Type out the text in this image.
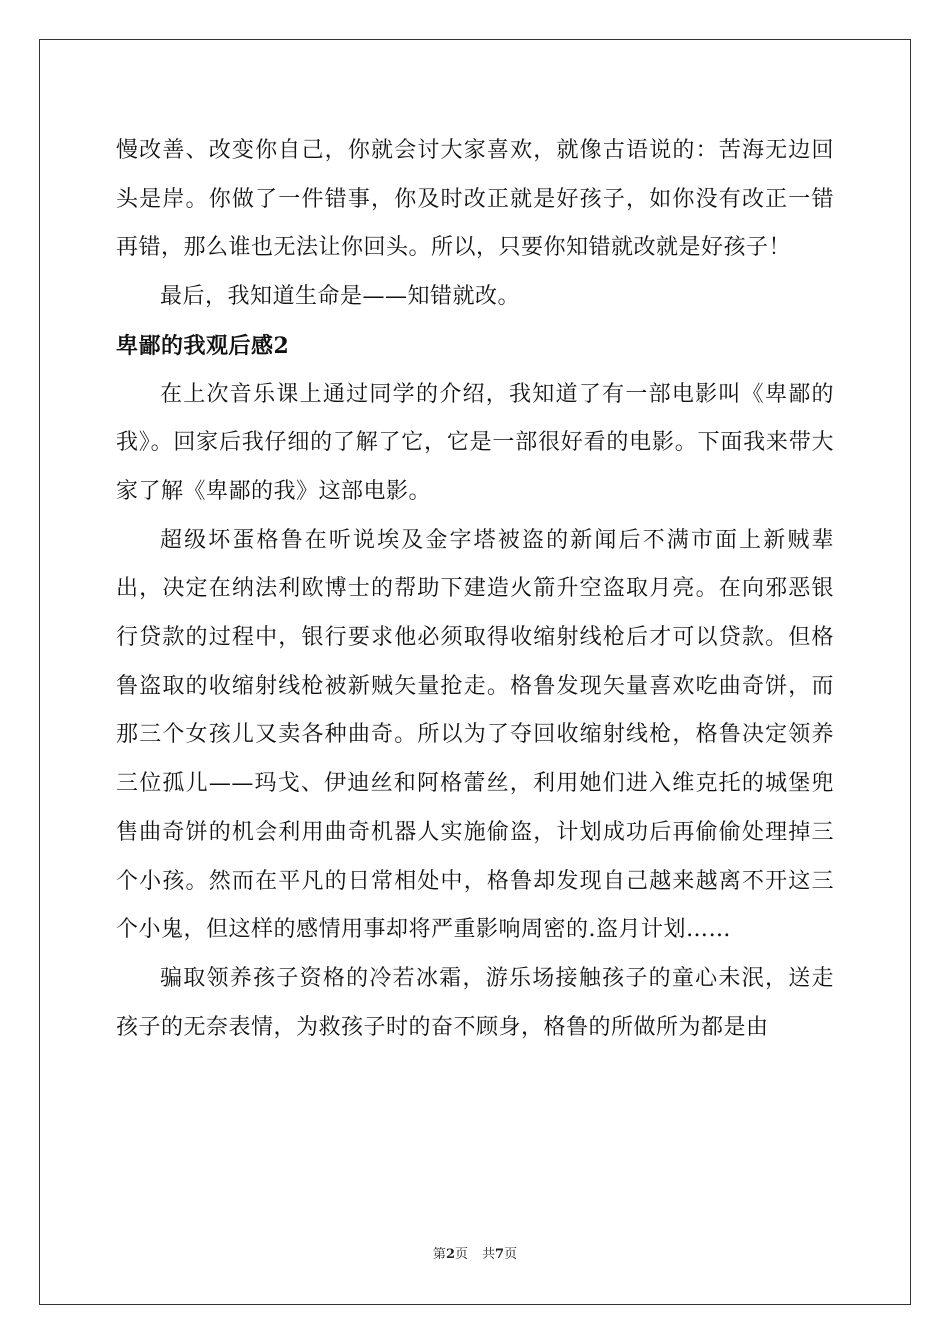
慢改善、改变你自己，你就会讨大家喜欢，就像古语说的：苦海无边回头是岸。你做了一件错事，你及时改正就是好孩子，如你没有改正一错再错，那么谁也无法让你回头。所以，只要你知错就改就是好孩子！

最后，我知道生命是——知错就改。

卑鄙的我观后感2

在上次音乐课上通过同学的介绍，我知道了有一部电影叫《卑鄙的我》。回家后我仔细的了解了它，它是一部很好看的电影。下面我来带大家了解《卑鄙的我》这部电影。

超级坏蛋格鲁在听说埃及金字塔被盗的新闻后不满市面上新贼辈出，决定在纳法利欧博士的帮助下建造火箭升空盗取月亮。在向邪恶银行贷款的过程中，银行要求他必须取得收缩射线枪后才可以贷款。但格鲁盗取的收缩射线枪被新贼矢量抢走。格鲁发现矢量喜欢吃曲奇饼，而那三个女孩儿又卖各种曲奇。所以为了夺回收缩射线枪，格鲁决定领养三位孤儿——玛戈、伊迪丝和阿格蕾丝，利用她们进入维克托的城堡兜售曲奇饼的机会利用曲奇机器人实施偷盗，计划成功后再偷偷处理掉三个小孩。然而在平凡的日常相处中，格鲁却发现自己越来越离不开这三个小鬼，但这样的感情用事却将严重影响周密的.盗月计划……

骗取领养孩子资格的冷若冰霜，游乐场接触孩子的童心未泯，送走孩子的无奈表情，为救孩子时的奋不顾身，格鲁的所做所为都是由

第2页 共7页
